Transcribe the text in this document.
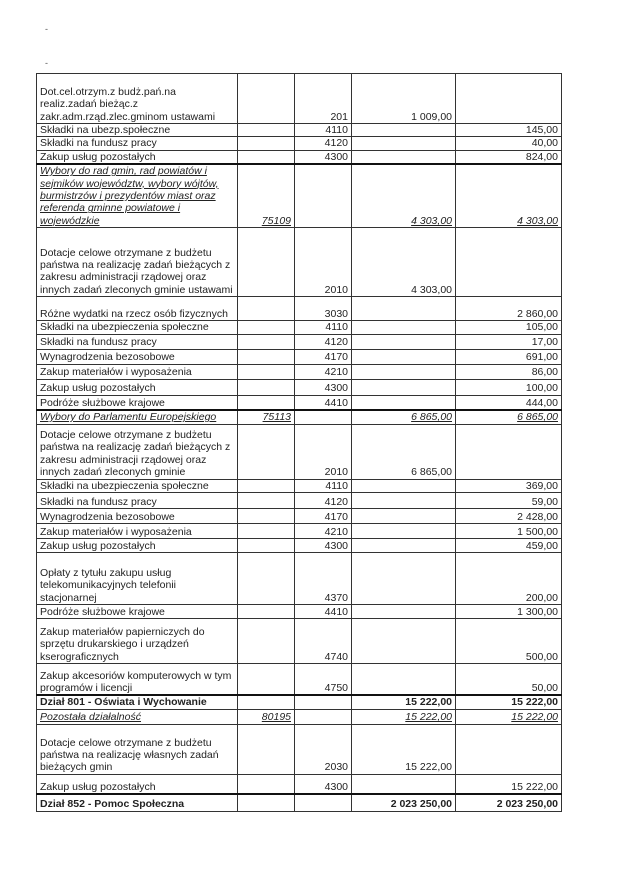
-
-
Dot.cel.otrzym.z budż.pań.na realiz.zadań bieżąc.z zakr.adm.rząd.zlec.gminom ustawami		201	1 009,00	
Składki na ubezp.społeczne		4110		145,00
Składki na fundusz pracy		4120		40,00
Zakup usług pozostałych		4300		824,00
Wybory do rad gmin, rad powiatów i sejmików województw, wybory wójtów, burmistrzów i prezydentów miast oraz referenda gminne powiatowe i wojewódzkie	75109		4 303,00	4 303,00
Dotacje celowe otrzymane z budżetu państwa na realizację zadań bieżących z zakresu administracji rządowej oraz innych zadań zleconych gminie ustawami		2010	4 303,00	
Różne wydatki na rzecz osób fizycznych		3030		2 860,00
Składki na ubezpieczenia społeczne		4110		105,00
Składki na fundusz pracy		4120		17,00
Wynagrodzenia bezosobowe		4170		691,00
Zakup materiałów i wyposażenia		4210		86,00
Zakup usług pozostałych		4300		100,00
Podróże służbowe krajowe		4410		444,00
Wybory do Parlamentu Europejskiego	75113		6 865,00	6 865,00
Dotacje celowe otrzymane z budżetu państwa na realizację zadań bieżących z zakresu administracji rządowej oraz innych zadań zleconych gminie		2010	6 865,00	
Składki na ubezpieczenia społeczne		4110		369,00
Składki na fundusz pracy		4120		59,00
Wynagrodzenia bezosobowe		4170		2 428,00
Zakup materiałów i wyposażenia		4210		1 500,00
Zakup usług pozostałych		4300		459,00
Opłaty z tytułu zakupu usług telekomunikacyjnych telefonii stacjonarnej		4370		200,00
Podróże służbowe krajowe		4410		1 300,00
Zakup materiałów papierniczych do sprzętu drukarskiego i urządzeń kserograficznych		4740		500,00
Zakup akcesoriów komputerowych w tym programów i licencji		4750		50,00
Dział 801 - Oświata i Wychowanie			15 222,00	15 222,00
Pozostała działalność	80195		15 222,00	15 222,00
Dotacje celowe otrzymane z budżetu państwa na realizację własnych zadań bieżących gmin		2030	15 222,00	
Zakup usług pozostałych		4300		15 222,00
Dział 852 - Pomoc Społeczna			2 023 250,00	2 023 250,00
